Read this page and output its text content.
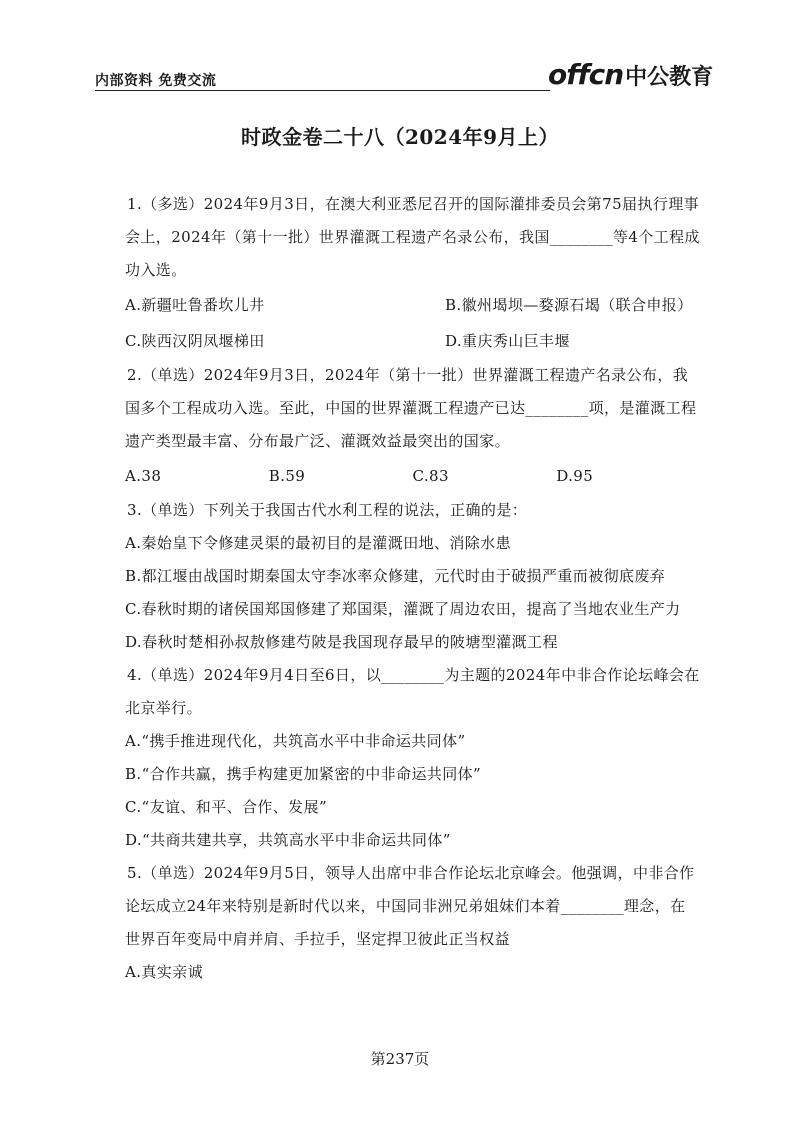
内部资料 免费交流	offcn 中公教育
时政金卷二十八（2024年9月上）

1.（多选）2024年9月3日，在澳大利亚悉尼召开的国际灌排委员会第75届执行理事会上，2024年（第十一批）世界灌溉工程遗产名录公布，我国________等4个工程成功入选。

A.新疆吐鲁番坎儿井	B.徽州堨坝—婺源石堨（联合申报）
C.陕西汉阴凤堰梯田	D.重庆秀山巨丰堰

2.（单选）2024年9月3日，2024年（第十一批）世界灌溉工程遗产名录公布，我国多个工程成功入选。至此，中国的世界灌溉工程遗产已达________项，是灌溉工程遗产类型最丰富、分布最广泛、灌溉效益最突出的国家。

A.38	B.59	C.83	D.95

3.（单选）下列关于我国古代水利工程的说法，正确的是：

A.秦始皇下令修建灵渠的最初目的是灌溉田地、消除水患

B.都江堰由战国时期秦国太守李冰率众修建，元代时由于破损严重而被彻底废弃

C.春秋时期的诸侯国郑国修建了郑国渠，灌溉了周边农田，提高了当地农业生产力

D.春秋时楚相孙叔敖修建芍陂是我国现存最早的陂塘型灌溉工程

4.（单选）2024年9月4日至6日，以________为主题的2024年中非合作论坛峰会在北京举行。

A.“携手推进现代化，共筑高水平中非命运共同体”

B.“合作共赢，携手构建更加紧密的中非命运共同体”

C.“友谊、和平、合作、发展”

D.“共商共建共享，共筑高水平中非命运共同体”

5.（单选）2024年9月5日，领导人出席中非合作论坛北京峰会。他强调，中非合作论坛成立24年来特别是新时代以来，中国同非洲兄弟姐妹们本着________理念，在世界百年变局中肩并肩、手拉手，坚定捍卫彼此正当权益

A.真实亲诚

第237页
